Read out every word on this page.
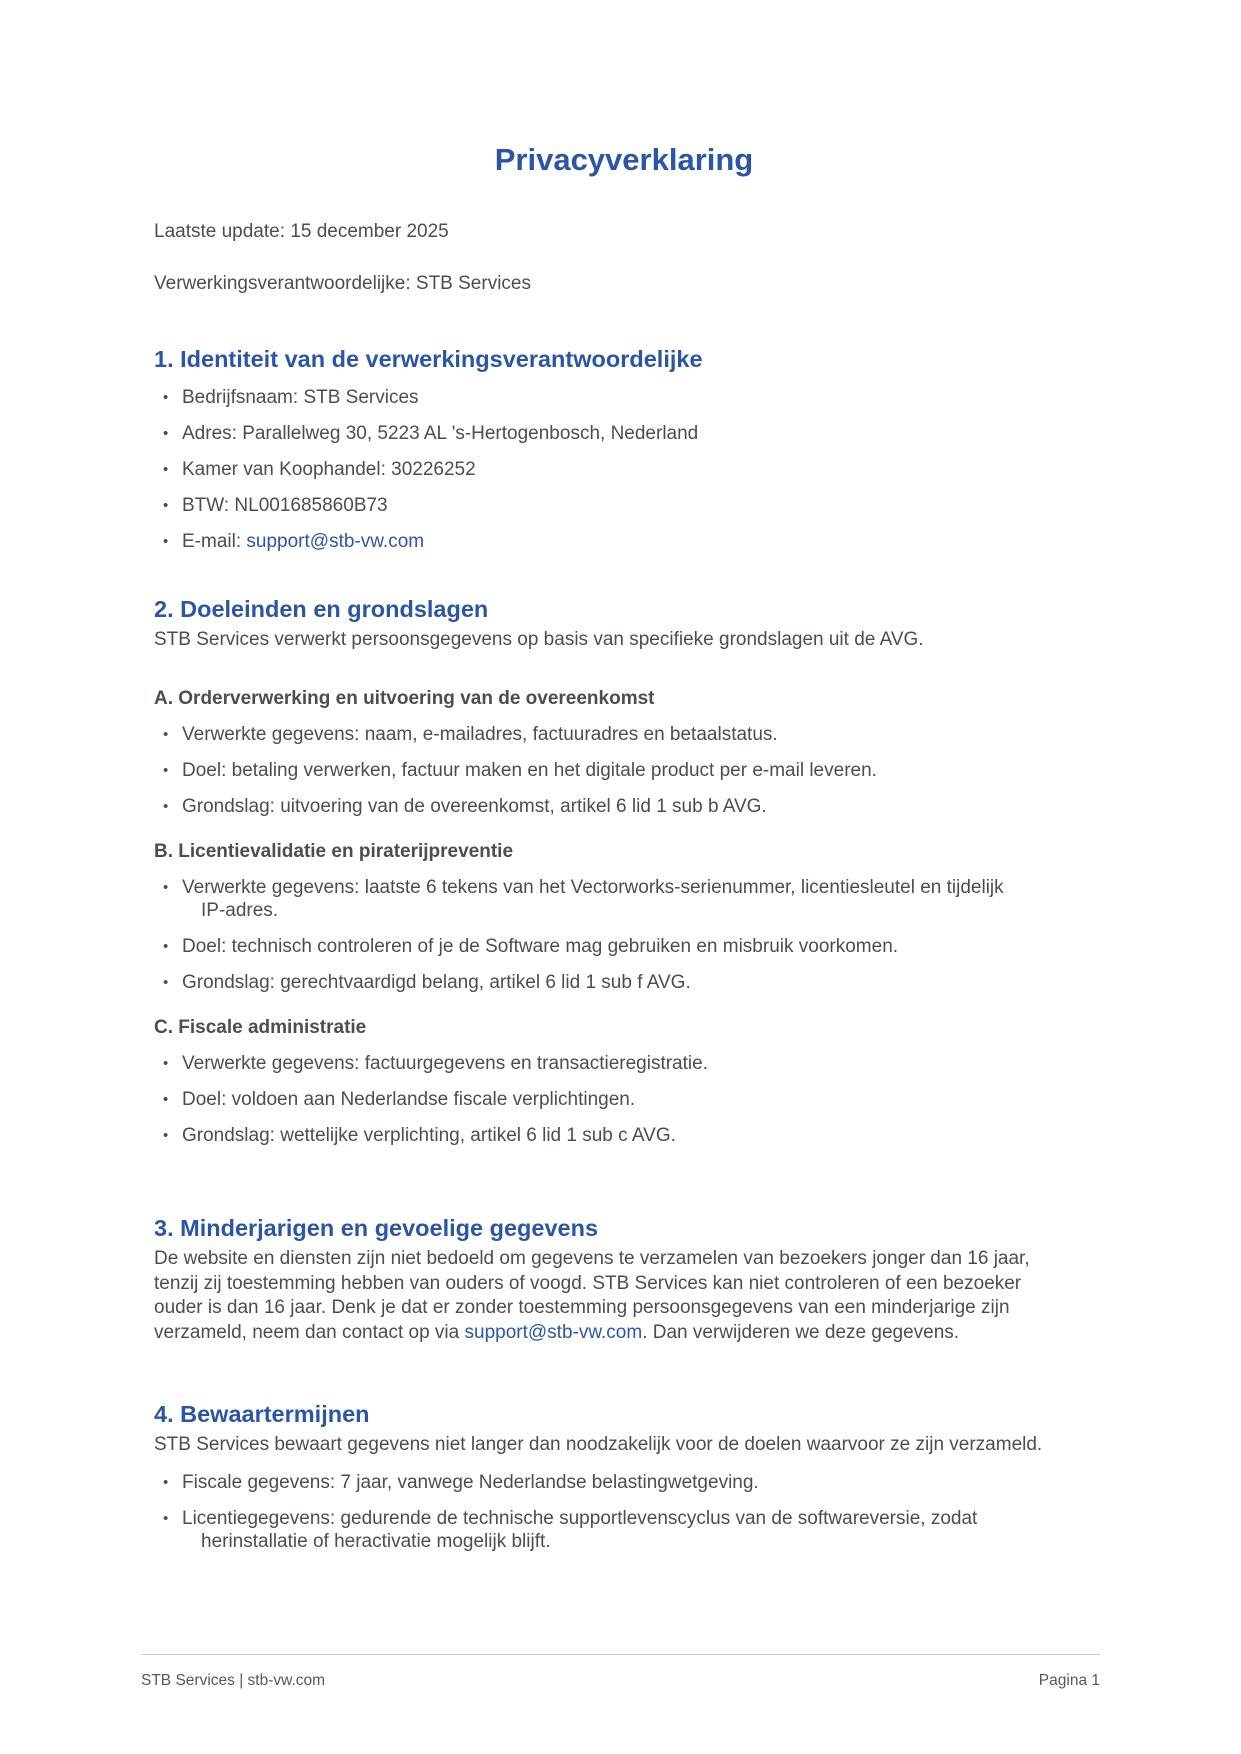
Privacyverklaring

Laatste update: 15 december 2025

Verwerkingsverantwoordelijke: STB Services

1. Identiteit van de verwerkingsverantwoordelijke
• Bedrijfsnaam: STB Services
• Adres: Parallelweg 30, 5223 AL 's-Hertogenbosch, Nederland
• Kamer van Koophandel: 30226252
• BTW: NL001685860B73
• E-mail: support@stb-vw.com
2. Doeleinden en grondslagen

STB Services verwerkt persoonsgegevens op basis van specifieke grondslagen uit de AVG.

A. Orderverwerking en uitvoering van de overeenkomst
• Verwerkte gegevens: naam, e-mailadres, factuuradres en betaalstatus.
• Doel: betaling verwerken, factuur maken en het digitale product per e-mail leveren.
• Grondslag: uitvoering van de overeenkomst, artikel 6 lid 1 sub b AVG.
B. Licentievalidatie en piraterijpreventie
• Verwerkte gegevens: laatste 6 tekens van het Vectorworks-serienummer, licentiesleutel en tijdelijk
IP-adres.
• Doel: technisch controleren of je de Software mag gebruiken en misbruik voorkomen.
• Grondslag: gerechtvaardigd belang, artikel 6 lid 1 sub f AVG.
C. Fiscale administratie
• Verwerkte gegevens: factuurgegevens en transactieregistratie.
• Doel: voldoen aan Nederlandse fiscale verplichtingen.
• Grondslag: wettelijke verplichting, artikel 6 lid 1 sub c AVG.
3. Minderjarigen en gevoelige gegevens

De website en diensten zijn niet bedoeld om gegevens te verzamelen van bezoekers jonger dan 16 jaar,
tenzij zij toestemming hebben van ouders of voogd. STB Services kan niet controleren of een bezoeker
ouder is dan 16 jaar. Denk je dat er zonder toestemming persoonsgegevens van een minderjarige zijn
verzameld, neem dan contact op via support@stb-vw.com. Dan verwijderen we deze gegevens.

4. Bewaartermijnen

STB Services bewaart gegevens niet langer dan noodzakelijk voor de doelen waarvoor ze zijn verzameld.

• Fiscale gegevens: 7 jaar, vanwege Nederlandse belastingwetgeving.
• Licentiegegevens: gedurende de technische supportlevenscyclus van de softwareversie, zodat
herinstallatie of heractivatie mogelijk blijft.
STB Services | stb-vw.com	Pagina 1
